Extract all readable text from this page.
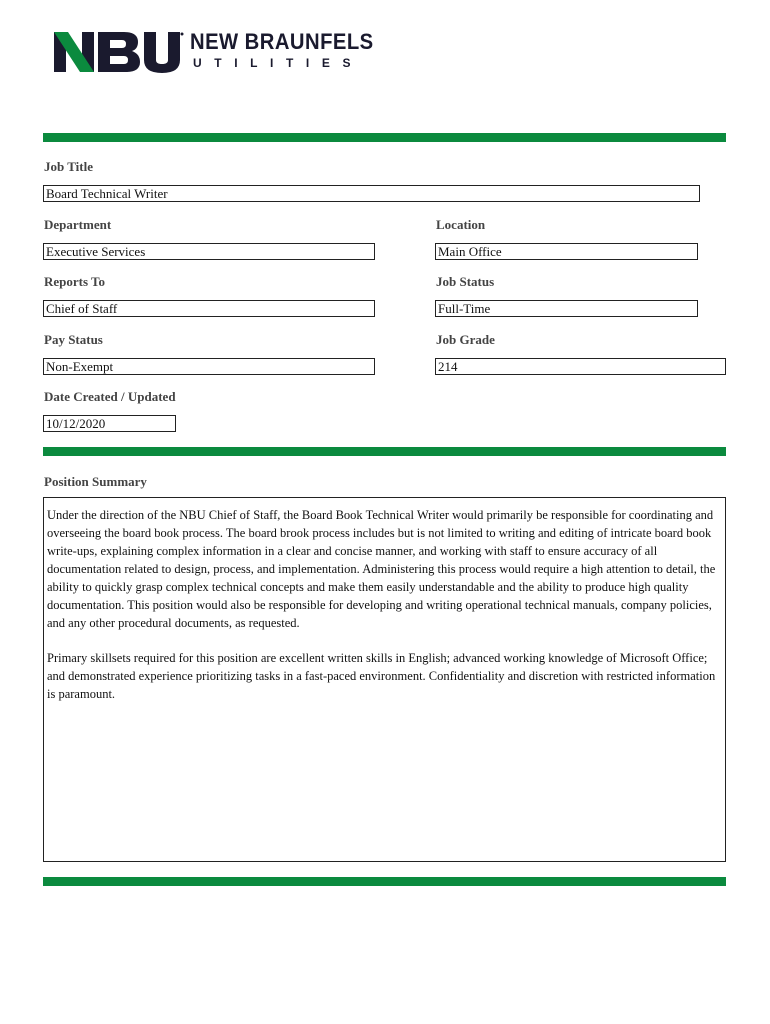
NEW BRAUNFELS
UTILITIES
Job Title
Board Technical Writer
Department	Location
Executive Services	Main Office
Reports To	Job Status
Chief of Staff	Full-Time
Pay Status	Job Grade
Non-Exempt	214
Date Created / Updated
10/12/2020
Position Summary

Under the direction of the NBU Chief of Staff, the Board Book Technical Writer would primarily be responsible for coordinating and overseeing the board book process. The board brook process includes but is not limited to writing and editing of intricate board book write-ups, explaining complex information in a clear and concise manner, and working with staff to ensure accuracy of all documentation related to design, process, and implementation. Administering this process would require a high attention to detail, the ability to quickly grasp complex technical concepts and make them easily understandable and the ability to produce high quality documentation. This position would also be responsible for developing and writing operational technical manuals, company policies, and any other procedural documents, as requested.

Primary skillsets required for this position are excellent written skills in English; advanced working knowledge of Microsoft Office; and demonstrated experience prioritizing tasks in a fast-paced environment. Confidentiality and discretion with restricted information is paramount.
